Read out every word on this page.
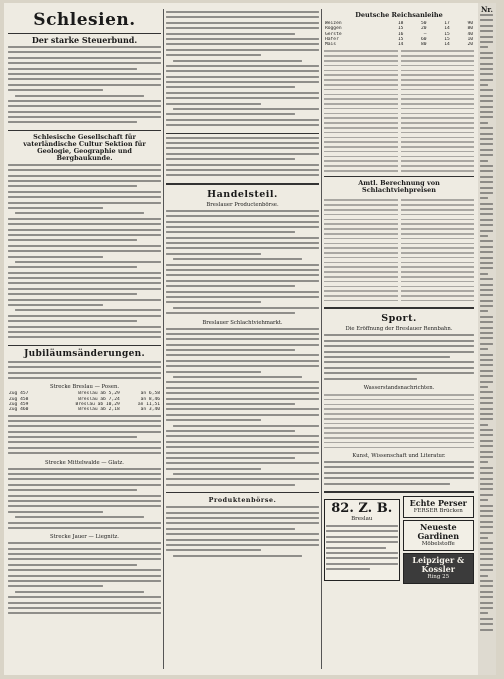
Schlesien.
Der starke Steuerbund.
Schlesische Gesellschaft für vaterländische Cultur Sektion für Geologie, Geographie und Bergbaukunde.
Jubiläumsänderungen.
Strecke Breslau — Posen.
Zug 457	Breslau ab 5,29	an 6,58
Zug 458	Breslau ab 7,24	an 8,46
Zug 459	Breslau ab 10,29	an 11,51
Zug 460	Breslau ab 2,18	an 3,40
Strecke Mittelwalde — Glatz.
Strecke Jauer — Liegnitz.
Handelsteil.
Breslauer Productenbörse.
Breslauer Schlachtviehmarkt.
Produktenbörse.
Deutsche Reichsanleihe
Weizen	18	50	17	90
Roggen	15	20	14	80
Gerste	16	—	15	40
Hafer	15	60	15	10
Mais	14	80	14	20
Amtl. Berechnung von Schlachtviehpreisen
Sport.
Die Eröffnung der Breslauer Rennbahn.
Wasserstandsnachrichten.
Kunst, Wissenschaft und Literatur.
82. Z. B.
Breslau
Echte Perser
FERSER Brücken
Neueste Gardinen
Möbelstoffe
Leipziger & Kossler
Ring 25
Nr.
